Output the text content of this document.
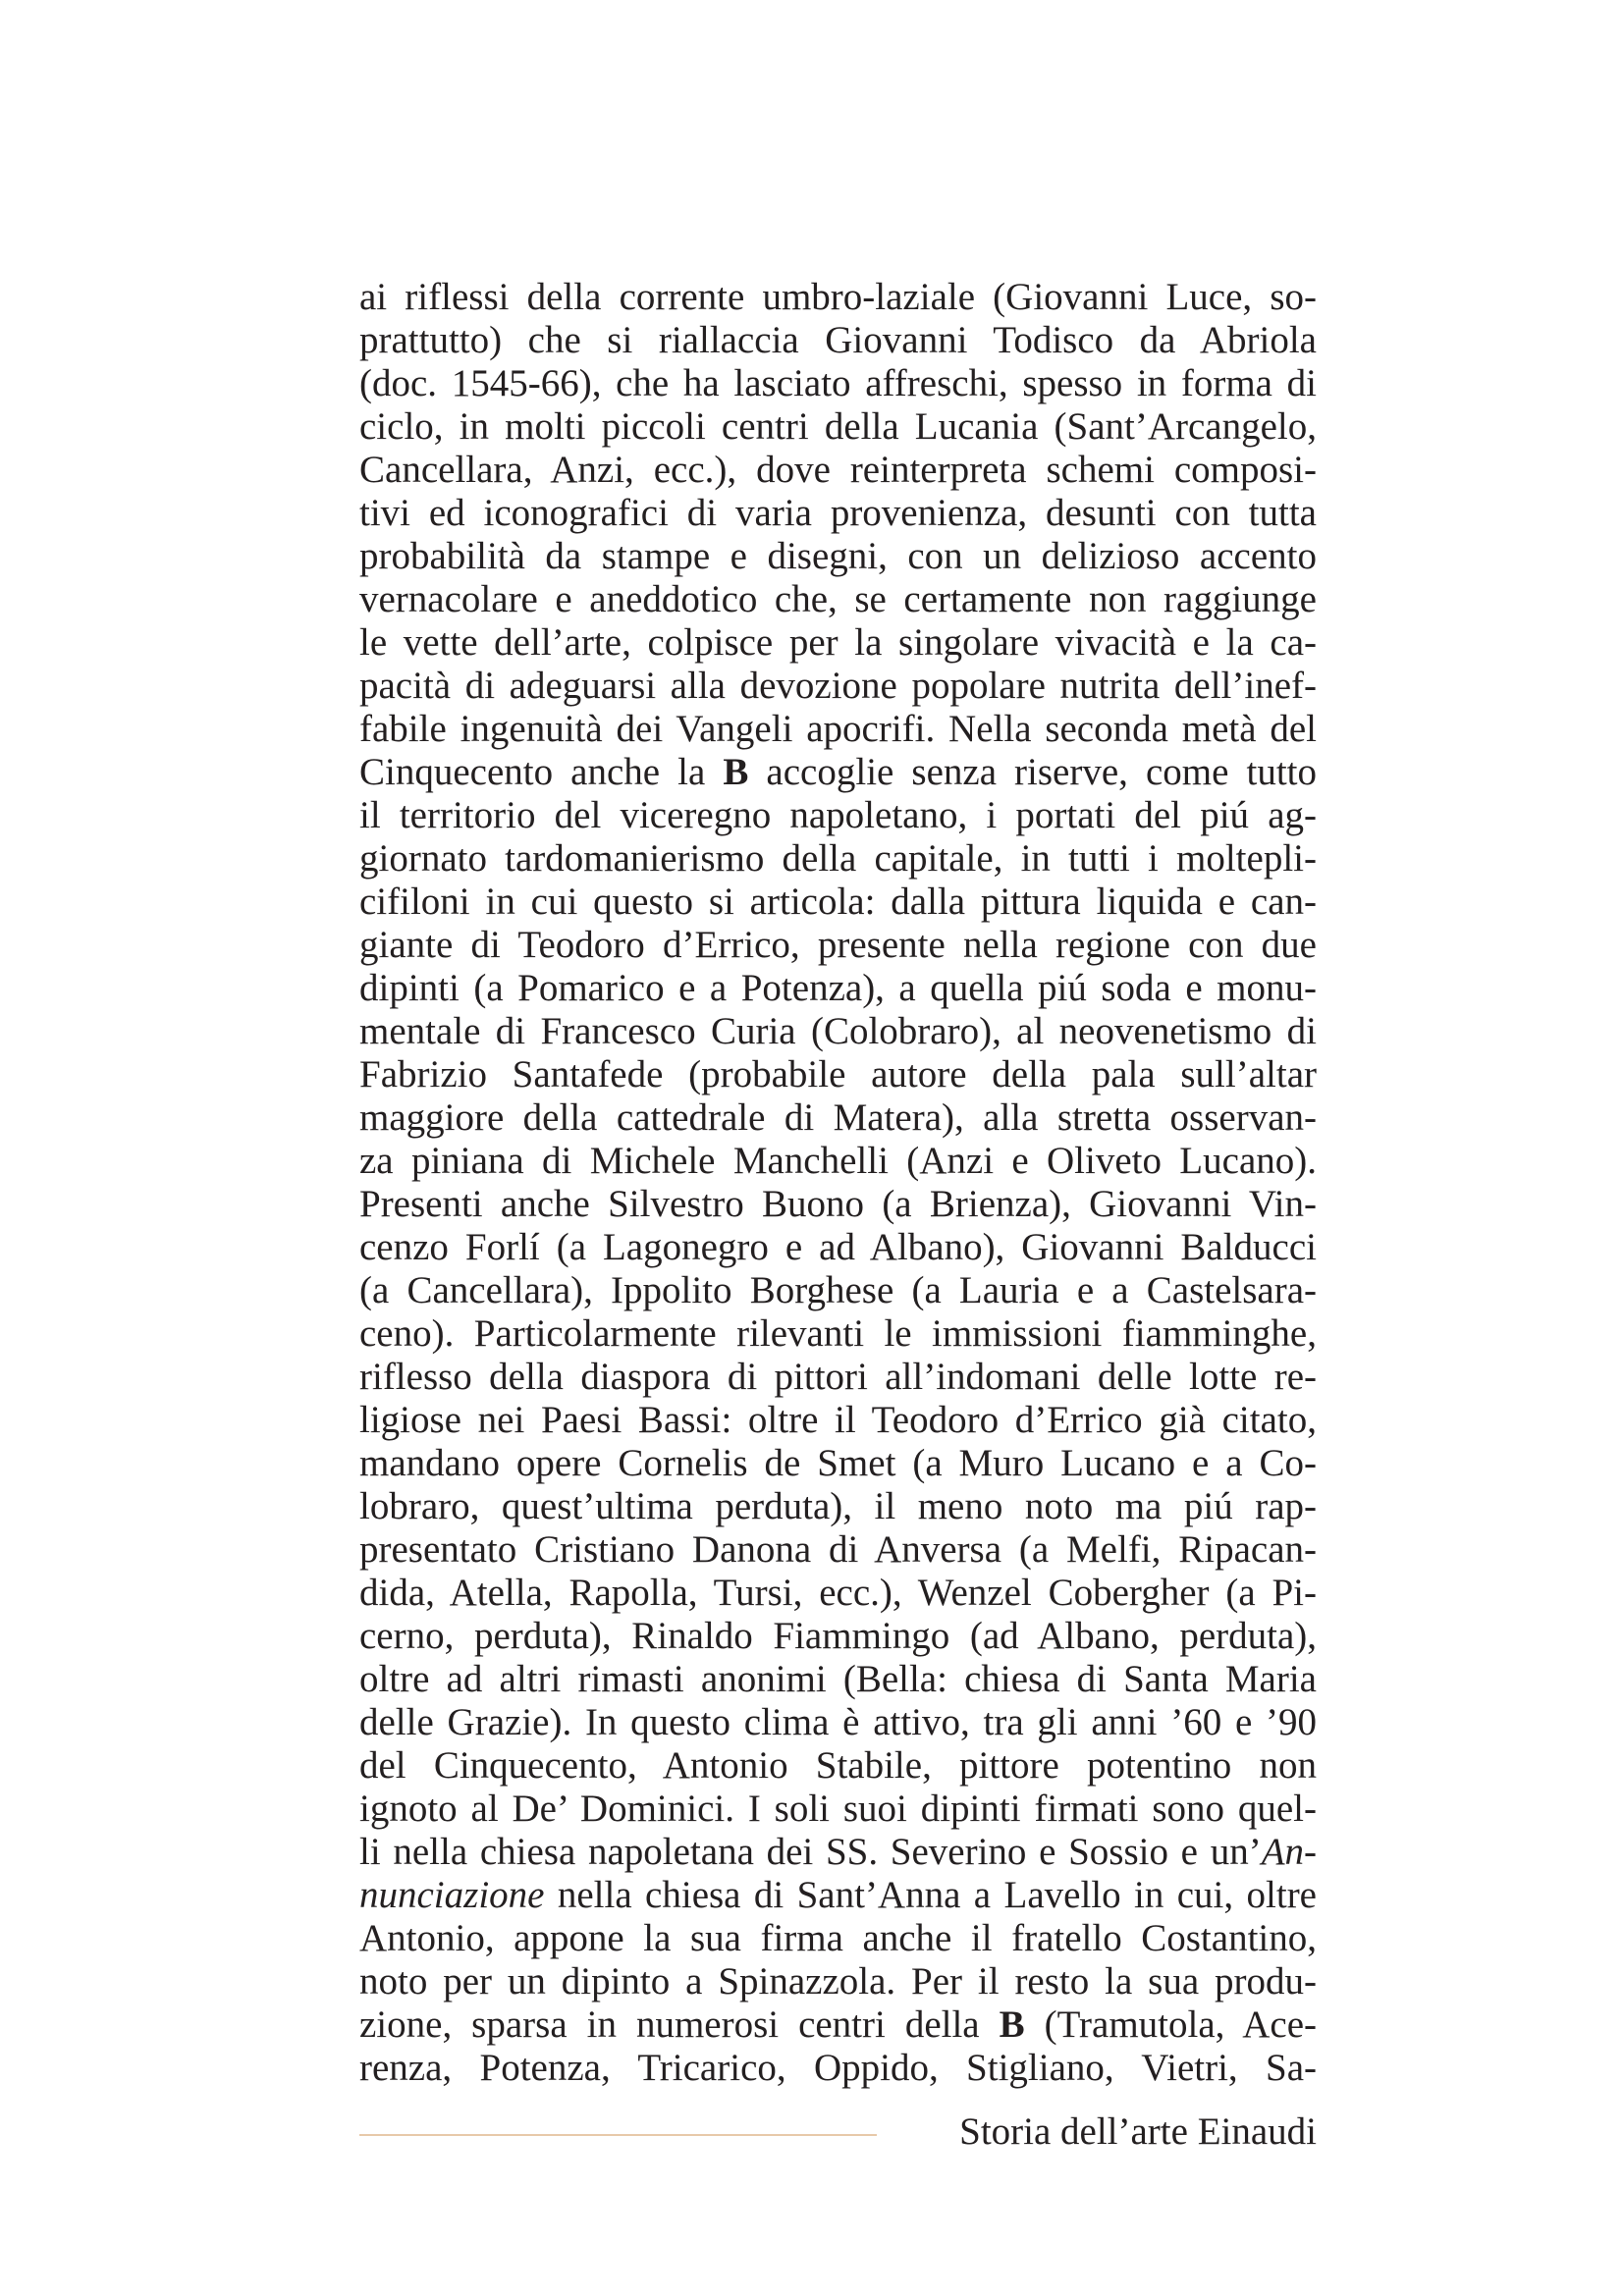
ai riflessi della corrente umbro-laziale (Giovanni Luce, so-
prattutto) che si riallaccia Giovanni Todisco da Abriola
(doc. 1545-66), che ha lasciato affreschi, spesso in forma di
ciclo, in molti piccoli centri della Lucania (Sant’Arcangelo,
Cancellara, Anzi, ecc.), dove reinterpreta schemi composi-
tivi ed iconografici di varia provenienza, desunti con tutta
probabilità da stampe e disegni, con un delizioso accento
vernacolare e aneddotico che, se certamente non raggiunge
le vette dell’arte, colpisce per la singolare vivacità e la ca-
pacità di adeguarsi alla devozione popolare nutrita dell’inef-
fabile ingenuità dei Vangeli apocrifi. Nella seconda metà del
Cinquecento anche la B accoglie senza riserve, come tutto
il territorio del viceregno napoletano, i portati del piú ag-
giornato tardomanierismo della capitale, in tutti i moltepli-
cifiloni in cui questo si articola: dalla pittura liquida e can-
giante di Teodoro d’Errico, presente nella regione con due
dipinti (a Pomarico e a Potenza), a quella piú soda e monu-
mentale di Francesco Curia (Colobraro), al neovenetismo di
Fabrizio Santafede (probabile autore della pala sull’altar
maggiore della cattedrale di Matera), alla stretta osservan-
za piniana di Michele Manchelli (Anzi e Oliveto Lucano).
Presenti anche Silvestro Buono (a Brienza), Giovanni Vin-
cenzo Forlí (a Lagonegro e ad Albano), Giovanni Balducci
(a Cancellara), Ippolito Borghese (a Lauria e a Castelsara-
ceno). Particolarmente rilevanti le immissioni fiamminghe,
riflesso della diaspora di pittori all’indomani delle lotte re-
ligiose nei Paesi Bassi: oltre il Teodoro d’Errico già citato,
mandano opere Cornelis de Smet (a Muro Lucano e a Co-
lobraro, quest’ultima perduta), il meno noto ma piú rap-
presentato Cristiano Danona di Anversa (a Melfi, Ripacan-
dida, Atella, Rapolla, Tursi, ecc.), Wenzel Cobergher (a Pi-
cerno, perduta), Rinaldo Fiammingo (ad Albano, perduta),
oltre ad altri rimasti anonimi (Bella: chiesa di Santa Maria
delle Grazie). In questo clima è attivo, tra gli anni ’60 e ’90
del Cinquecento, Antonio Stabile, pittore potentino non
ignoto al De’ Dominici. I soli suoi dipinti firmati sono quel-
li nella chiesa napoletana dei SS. Severino e Sossio e un’An-
nunciazione nella chiesa di Sant’Anna a Lavello in cui, oltre
Antonio, appone la sua firma anche il fratello Costantino,
noto per un dipinto a Spinazzola. Per il resto la sua produ-
zione, sparsa in numerosi centri della B (Tramutola, Ace-
renza, Potenza, Tricarico, Oppido, Stigliano, Vietri, Sa-
Storia dell’arte Einaudi
